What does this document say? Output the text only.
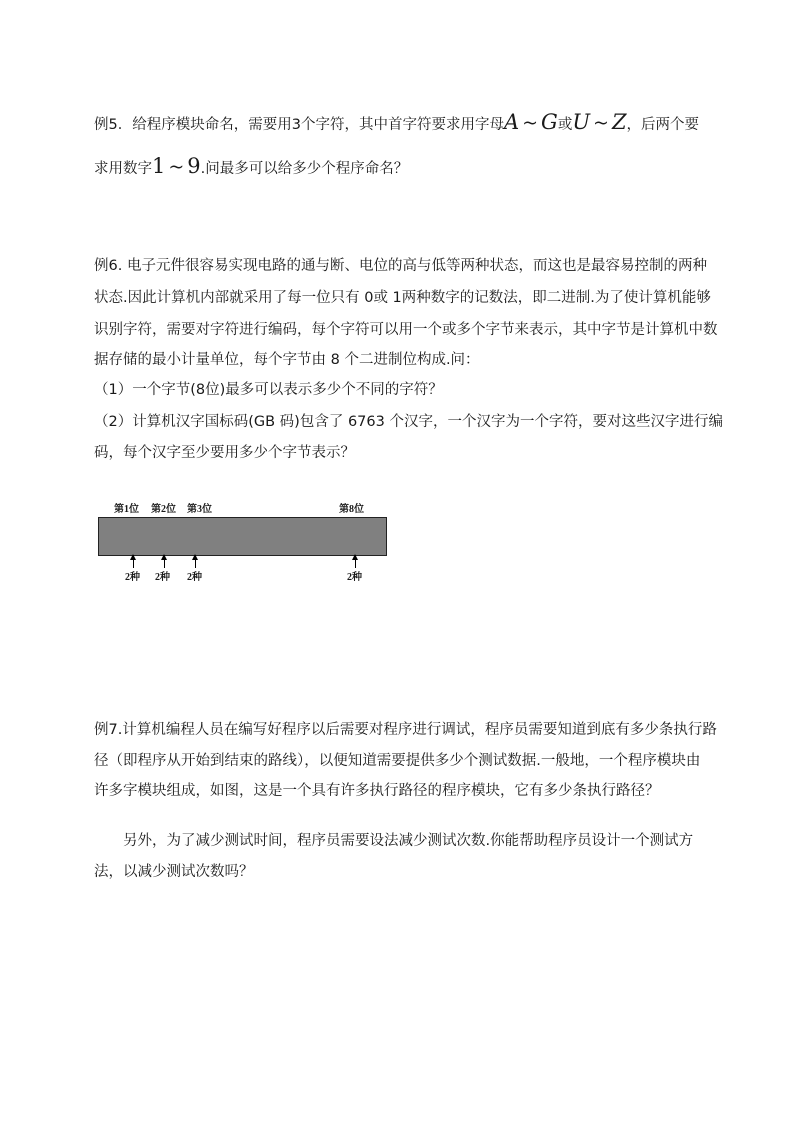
例5．给程序模块命名，需要用3个字符，其中首字符要求用字母A ~ G或U ~ Z，后两个要
求用数字1 ~ 9.问最多可以给多少个程序命名？
例6. 电子元件很容易实现电路的通与断、电位的高与低等两种状态，而这也是最容易控制的两种
状态.因此计算机内部就采用了每一位只有 0或 1两种数字的记数法，即二进制.为了使计算机能够
识别字符，需要对字符进行编码，每个字符可以用一个或多个字节来表示，其中字节是计算机中数
据存储的最小计量单位，每个字节由 8 个二进制位构成.问：
（1）一个字节(8位)最多可以表示多少个不同的字符？
（2）计算机汉字国标码(GB 码)包含了 6763 个汉字，一个汉字为一个字符，要对这些汉字进行编
码，每个汉字至少要用多少个字节表示？
第1位 第2位 第3位	第8位
2种 2种 2种	2种
例7.计算机编程人员在编写好程序以后需要对程序进行调试，程序员需要知道到底有多少条执行路
径（即程序从开始到结束的路线），以便知道需要提供多少个测试数据.一般地，一个程序模块由
许多字模块组成，如图，这是一个具有许多执行路径的程序模块，它有多少条执行路径？
　　另外，为了减少测试时间，程序员需要设法减少测试次数.你能帮助程序员设计一个测试方
法，以减少测试次数吗？
